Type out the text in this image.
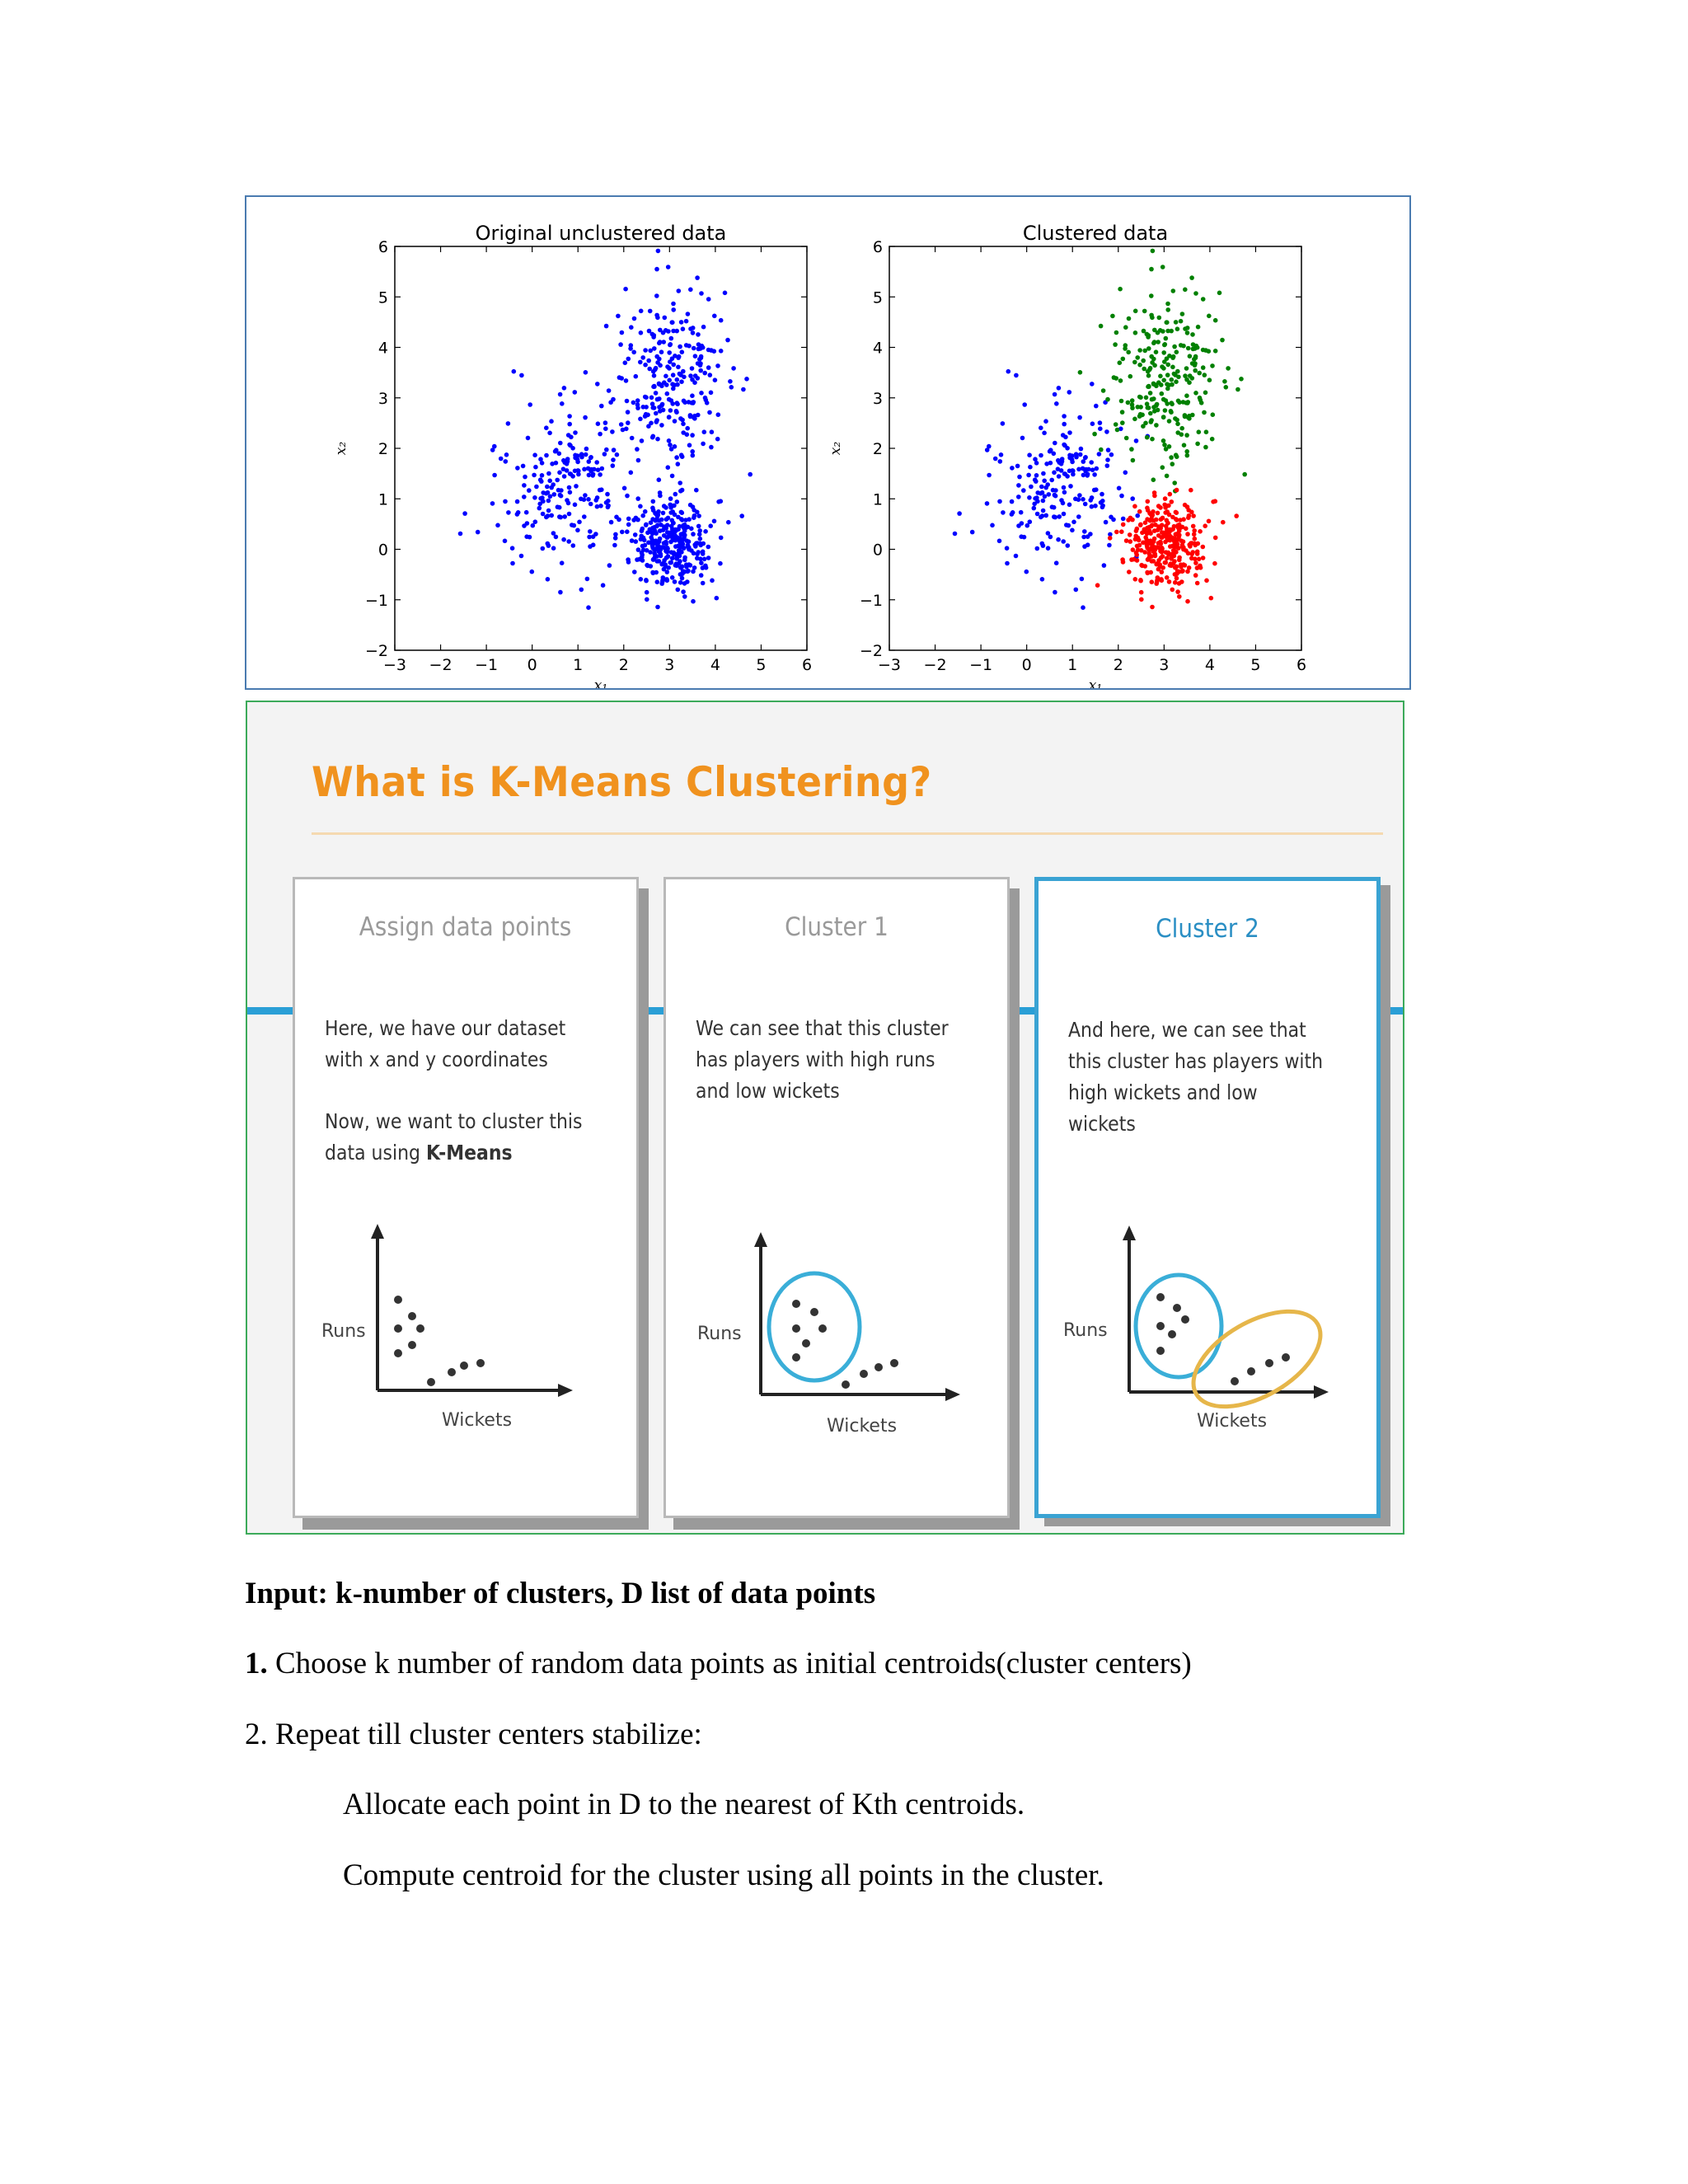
Original unclustered data
−3 −2 −1 0 1 2 3 4 5 6
−2
−1
0
1
2
3
4
5
6
x₁
x₂
Clustered data
−3 −2 −1 0 1 2 3 4 5 6
−2
−1
0
1
2
3
4
5
6
x₁
x₂
What is K-Means Clustering?
Assign data points
Here, we have our dataset with x and y coordinates
Now, we want to cluster this data using K-Means
Runs
Wickets
Cluster 1
We can see that this cluster has players with high runs and low wickets
Runs
Wickets
Cluster 2
And here, we can see that this cluster has players with high wickets and low wickets
Runs
Wickets
Input: k-number of clusters, D list of data points
1. Choose k number of random data points as initial centroids(cluster centers)
2. Repeat till cluster centers stabilize:
Allocate each point in D to the nearest of Kth centroids.
Compute centroid for the cluster using all points in the cluster.
